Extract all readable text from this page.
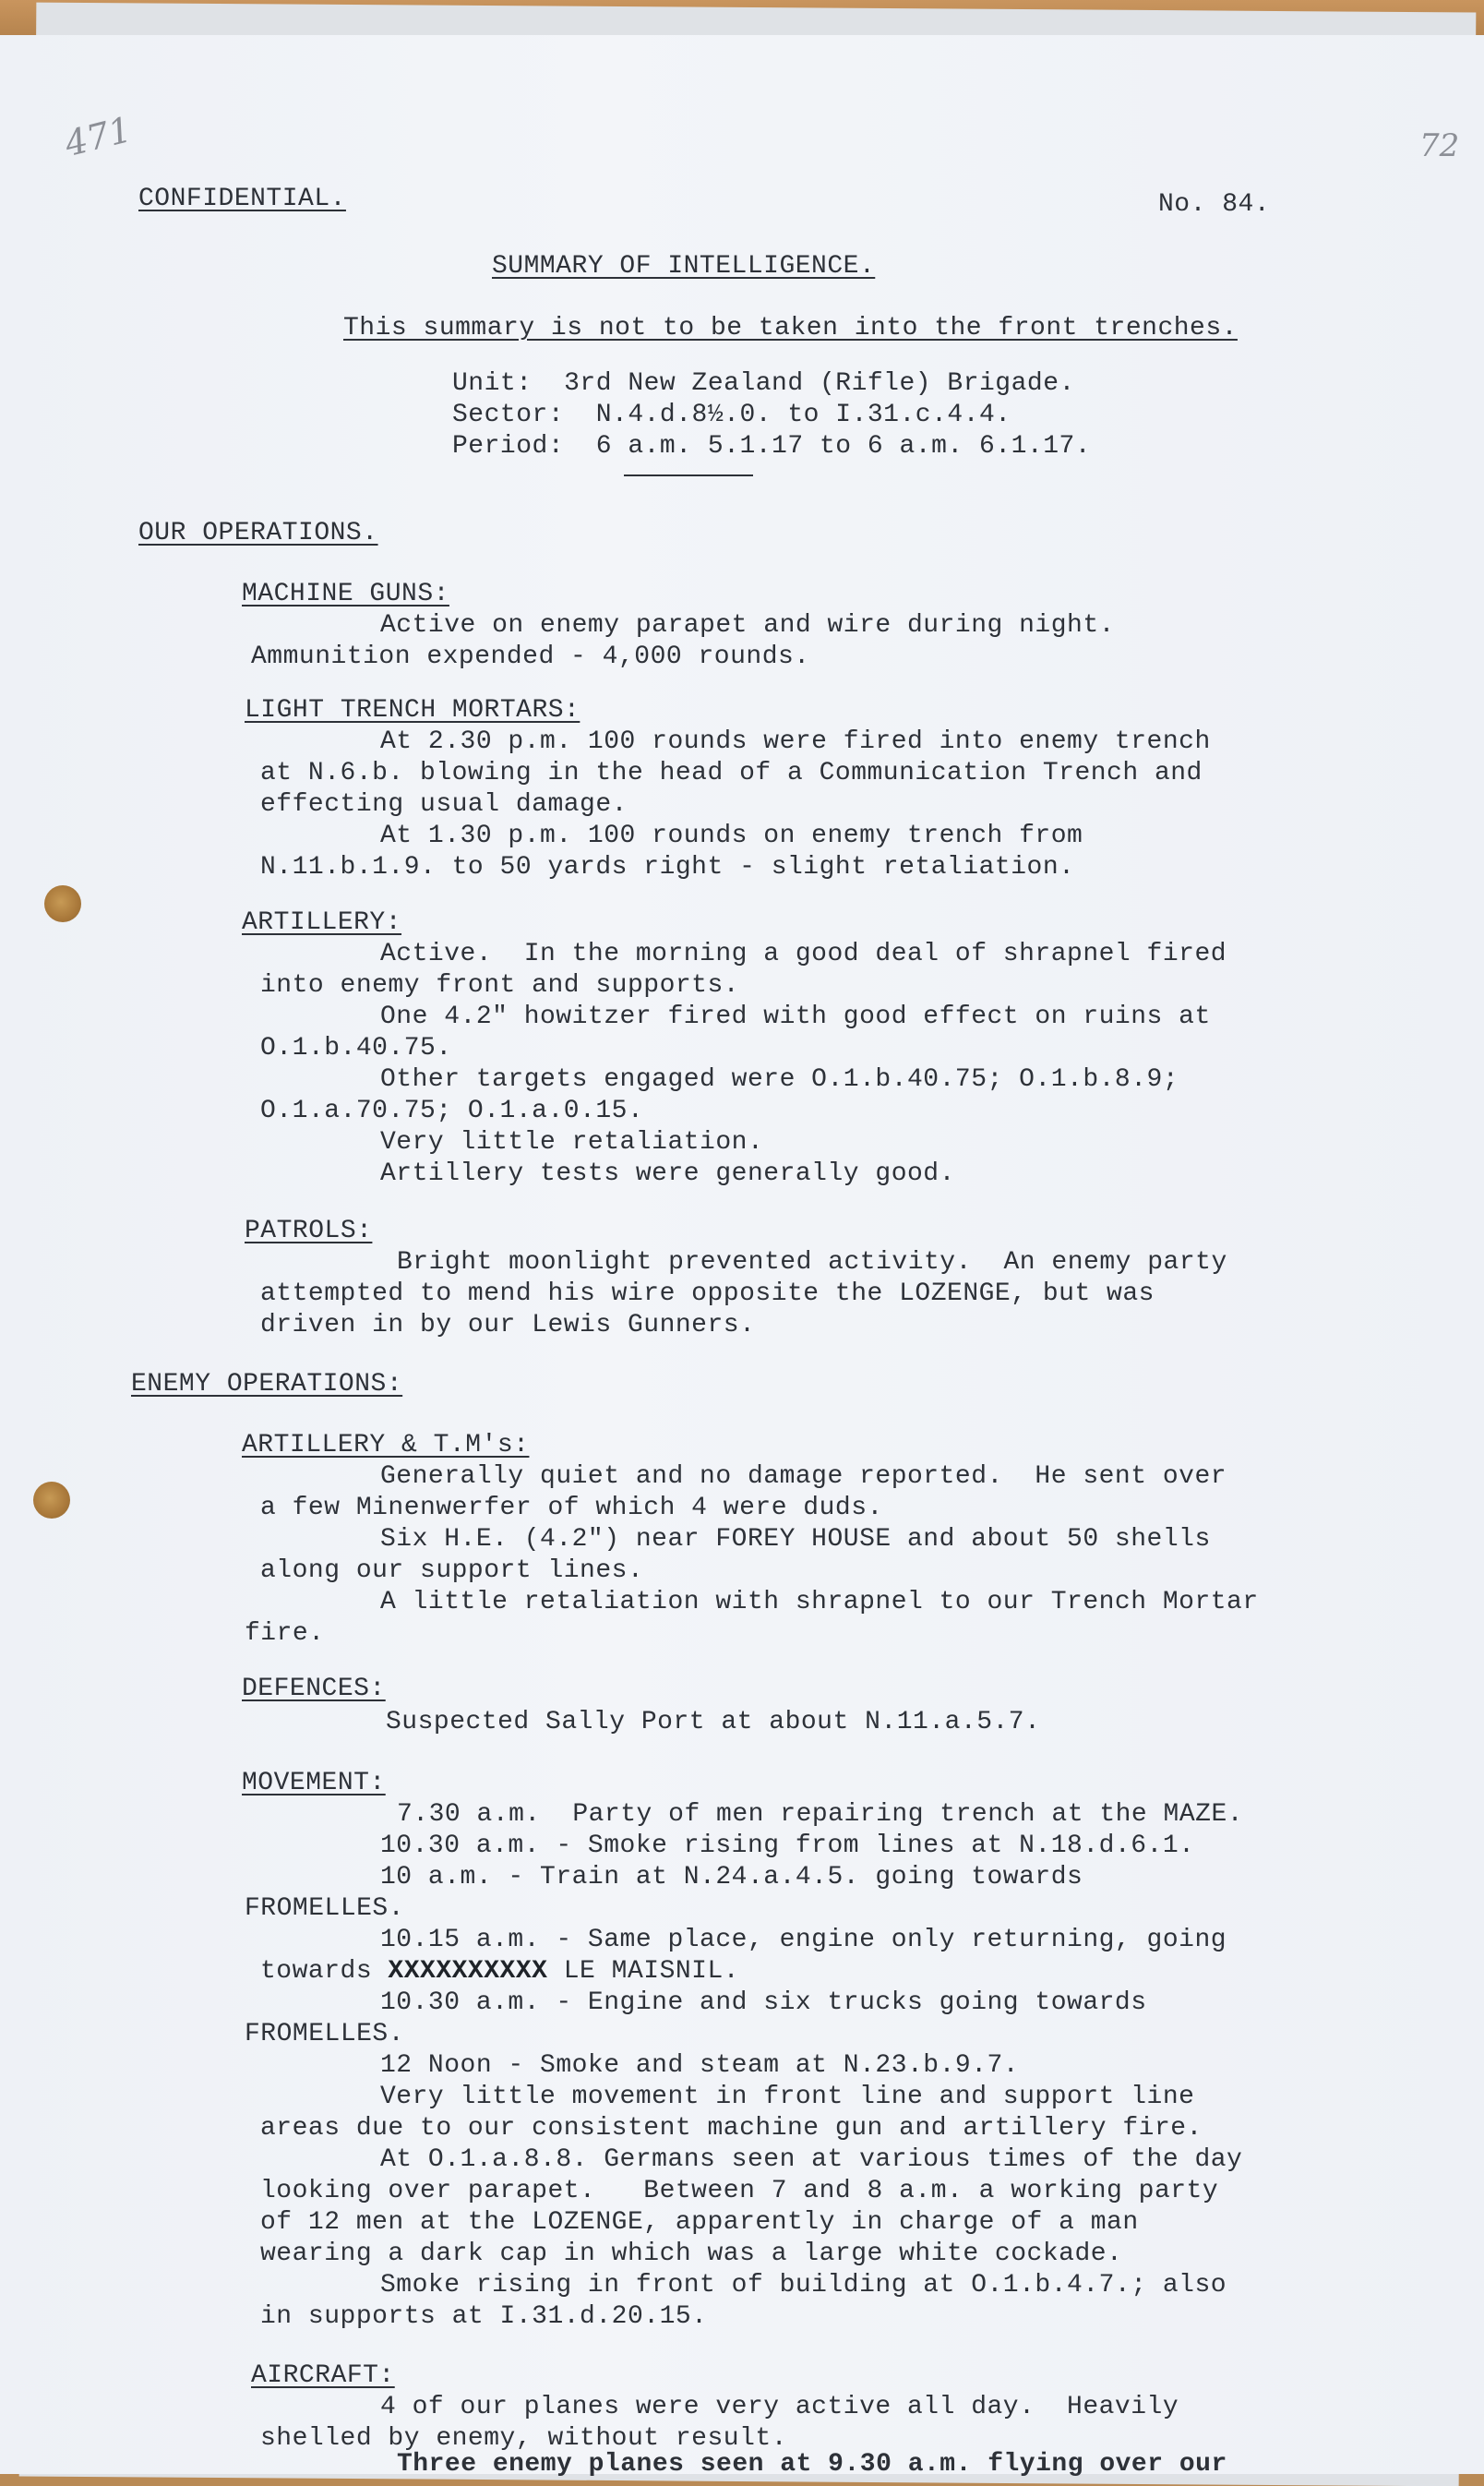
471	72
CONFIDENTIAL.	No. 84.
SUMMARY OF INTELLIGENCE.
This summary is not to be taken into the front trenches.
Unit:  3rd New Zealand (Rifle) Brigade.
Sector:  N.4.d.8½.0. to I.31.c.4.4.
Period:  6 a.m. 5.1.17 to 6 a.m. 6.1.17.
OUR OPERATIONS.
MACHINE GUNS:
Active on enemy parapet and wire during night.
Ammunition expended - 4,000 rounds.
LIGHT TRENCH MORTARS:
At 2.30 p.m. 100 rounds were fired into enemy trench
at N.6.b. blowing in the head of a Communication Trench and
effecting usual damage.
At 1.30 p.m. 100 rounds on enemy trench from
N.11.b.1.9. to 50 yards right - slight retaliation.
ARTILLERY:
Active.  In the morning a good deal of shrapnel fired
into enemy front and supports.
One 4.2" howitzer fired with good effect on ruins at
O.1.b.40.75.
Other targets engaged were O.1.b.40.75; O.1.b.8.9;
O.1.a.70.75; O.1.a.0.15.
Very little retaliation.
Artillery tests were generally good.
PATROLS:
Bright moonlight prevented activity.  An enemy party
attempted to mend his wire opposite the LOZENGE, but was
driven in by our Lewis Gunners.
ENEMY OPERATIONS:
ARTILLERY & T.M's:
Generally quiet and no damage reported.  He sent over
a few Minenwerfer of which 4 were duds.
Six H.E. (4.2") near FOREY HOUSE and about 50 shells
along our support lines.
A little retaliation with shrapnel to our Trench Mortar
fire.
DEFENCES:
Suspected Sally Port at about N.11.a.5.7.
MOVEMENT:
7.30 a.m.  Party of men repairing trench at the MAZE.
10.30 a.m. - Smoke rising from lines at N.18.d.6.1.
10 a.m. - Train at N.24.a.4.5. going towards
FROMELLES.
10.15 a.m. - Same place, engine only returning, going
towards XXXXXXXXXX LE MAISNIL.
10.30 a.m. - Engine and six trucks going towards
FROMELLES.
12 Noon - Smoke and steam at N.23.b.9.7.
Very little movement in front line and support line
areas due to our consistent machine gun and artillery fire.
At O.1.a.8.8. Germans seen at various times of the day
looking over parapet.   Between 7 and 8 a.m. a working party
of 12 men at the LOZENGE, apparently in charge of a man
wearing a dark cap in which was a large white cockade.
Smoke rising in front of building at O.1.b.4.7.; also
in supports at I.31.d.20.15.
AIRCRAFT:
4 of our planes were very active all day.  Heavily
shelled by enemy, without result.
Three enemy planes seen at 9.30 a.m. flying over our
